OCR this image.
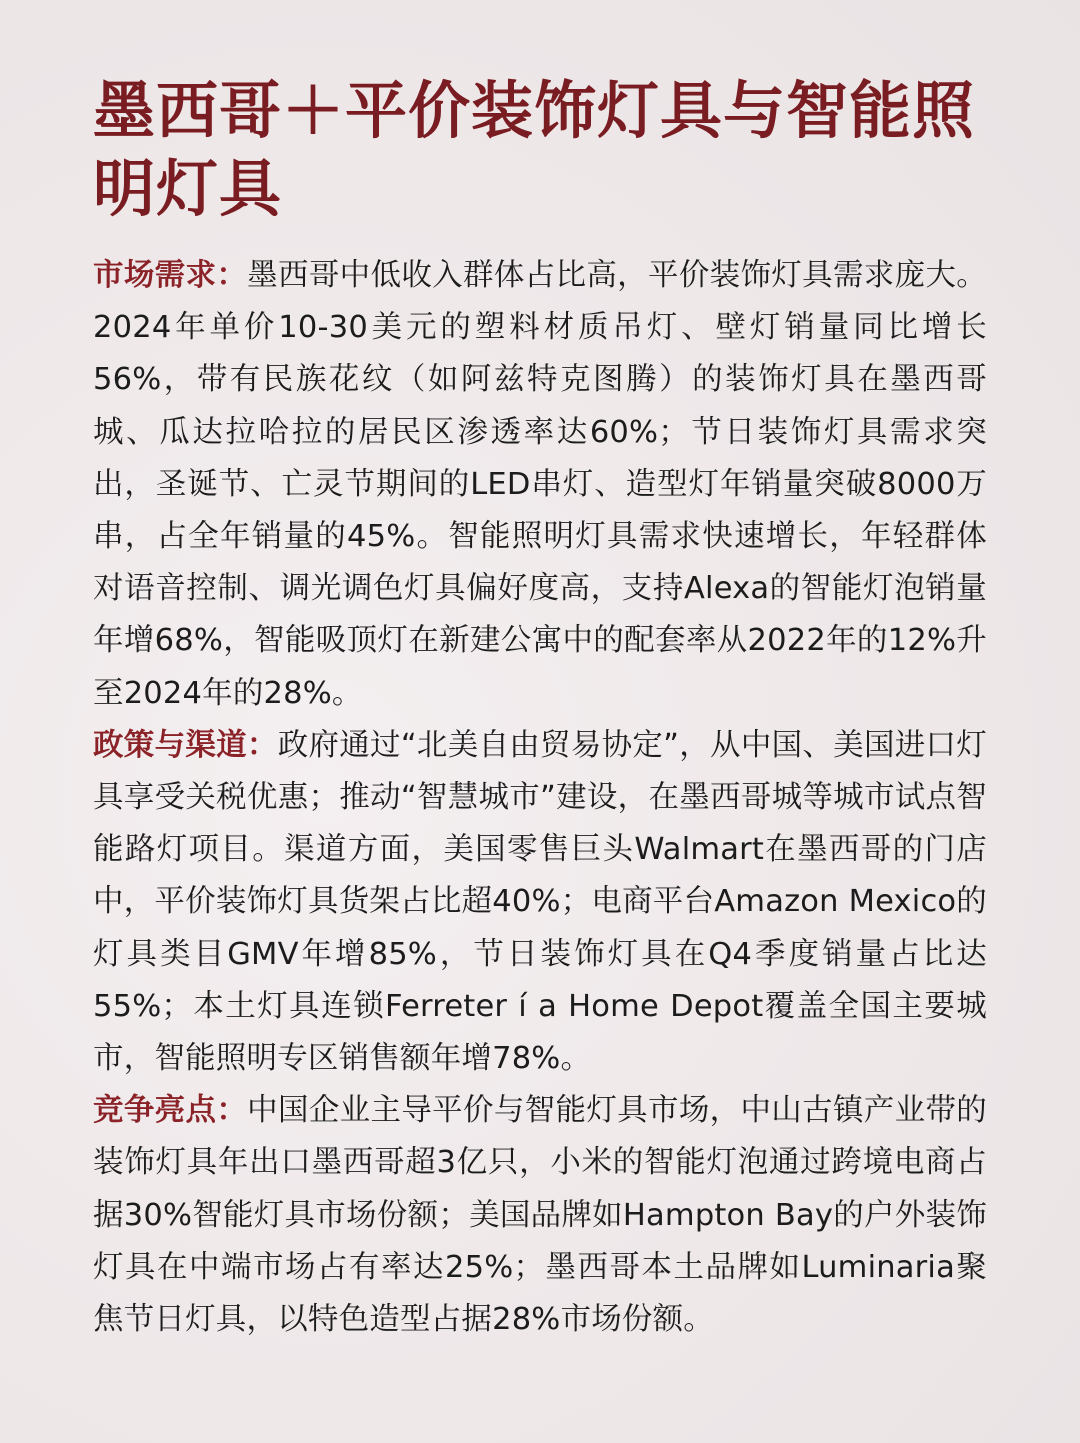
墨西哥＋平价装饰灯具与智能照明灯具

市场需求：墨西哥中低收入群体占比高，平价装饰灯具需求庞大。2024年单价10-30美元的塑料材质吊灯、壁灯销量同比增长56%，带有民族花纹（如阿兹特克图腾）的装饰灯具在墨西哥城、瓜达拉哈拉的居民区渗透率达60%；节日装饰灯具需求突出，圣诞节、亡灵节期间的LED串灯、造型灯年销量突破8000万串，占全年销量的45%。智能照明灯具需求快速增长，年轻群体对语音控制、调光调色灯具偏好度高，支持Alexa的智能灯泡销量年增68%，智能吸顶灯在新建公寓中的配套率从2022年的12%升至2024年的28%。

政策与渠道：政府通过“北美自由贸易协定”，从中国、美国进口灯具享受关税优惠；推动“智慧城市”建设，在墨西哥城等城市试点智能路灯项目。渠道方面，美国零售巨头Walmart在墨西哥的门店中，平价装饰灯具货架占比超40%；电商平台Amazon Mexico的灯具类目GMV年增85%，节日装饰灯具在Q4季度销量占比达55%；本土灯具连锁Ferreter í a Home Depot覆盖全国主要城市，智能照明专区销售额年增78%。

竞争亮点：中国企业主导平价与智能灯具市场，中山古镇产业带的装饰灯具年出口墨西哥超3亿只，小米的智能灯泡通过跨境电商占据30%智能灯具市场份额；美国品牌如Hampton Bay的户外装饰灯具在中端市场占有率达25%；墨西哥本土品牌如Luminaria聚焦节日灯具，以特色造型占据28%市场份额。
